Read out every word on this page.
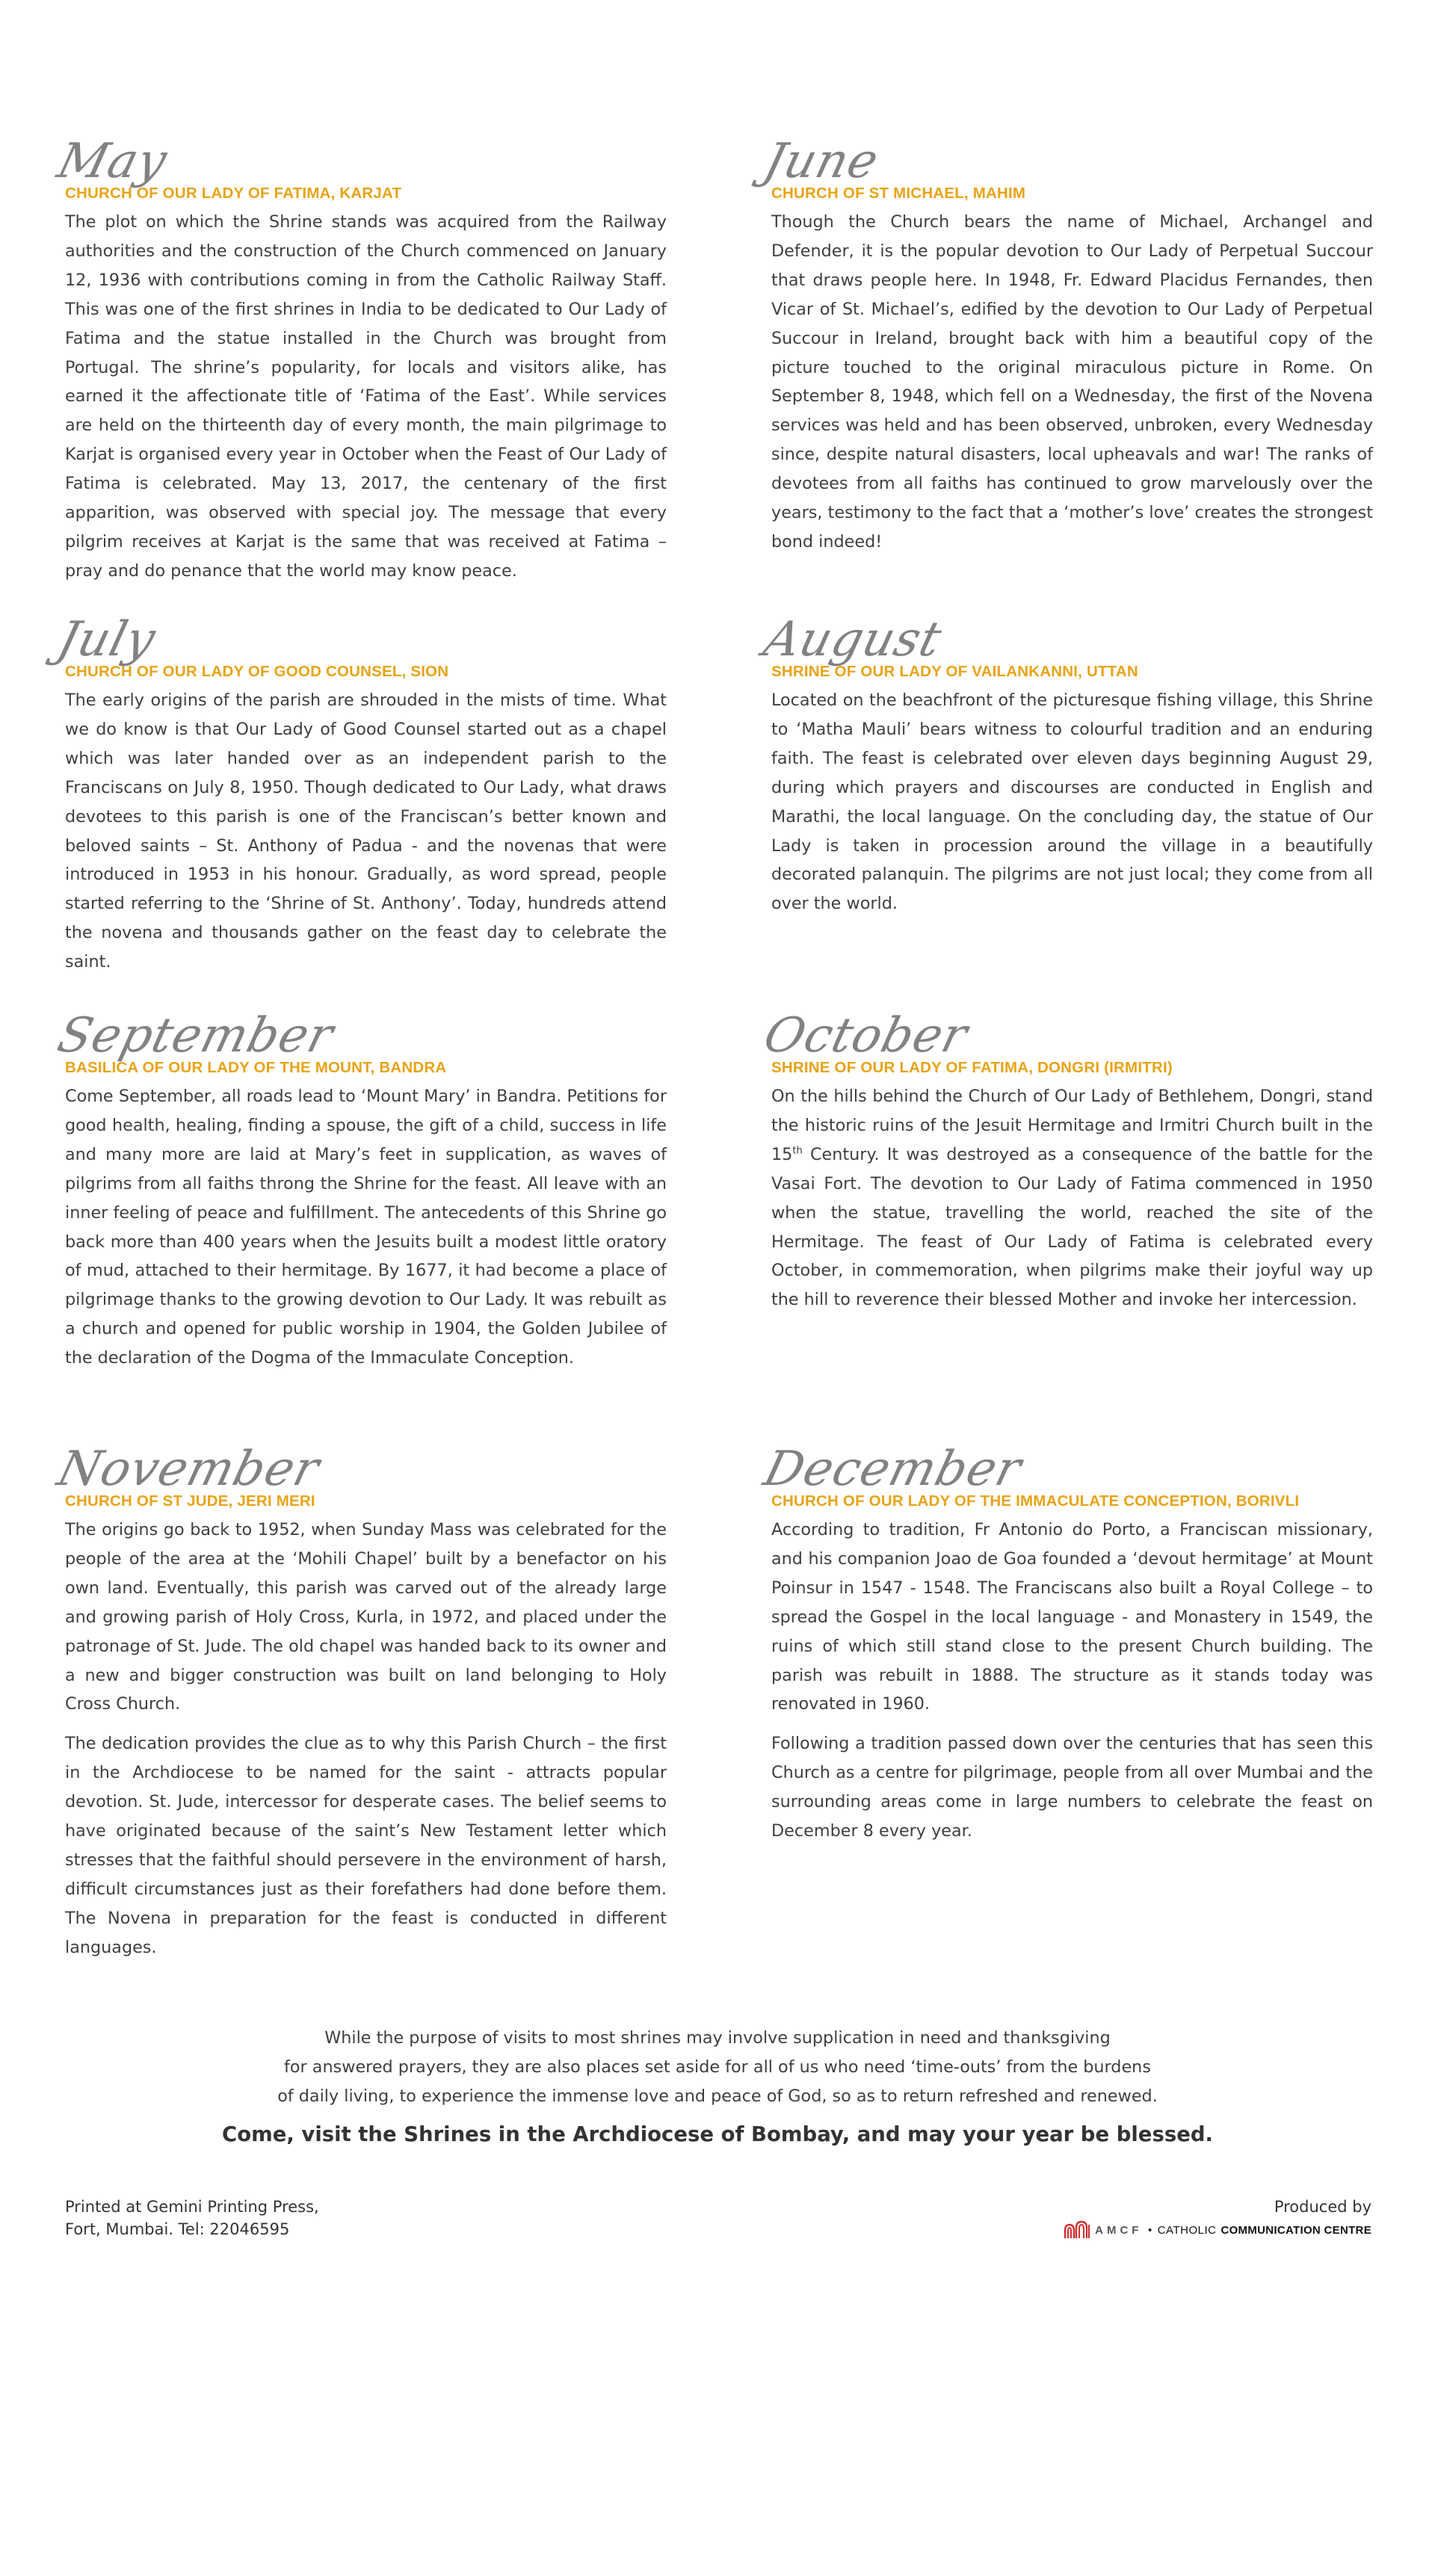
May
CHURCH OF OUR LADY OF FATIMA, KARJAT

The plot on which the Shrine stands was acquired from the Railway authorities and the construction of the Church commenced on January 12, 1936 with contributions coming in from the Catholic Railway Staff. This was one of the first shrines in India to be dedicated to Our Lady of Fatima and the statue installed in the Church was brought from Portugal. The shrine’s popularity, for locals and visitors alike, has earned it the affectionate title of ‘Fatima of the East’. While services are held on the thirteenth day of every month, the main pilgrimage to Karjat is organised every year in October when the Feast of Our Lady of Fatima is celebrated. May 13, 2017, the centenary of the first apparition, was observed with special joy. The message that every pilgrim receives at Karjat is the same that was received at Fatima – pray and do penance that the world may know peace.

June
CHURCH OF ST MICHAEL, MAHIM

Though the Church bears the name of Michael, Archangel and Defender, it is the popular devotion to Our Lady of Perpetual Succour that draws people here. In 1948, Fr. Edward Placidus Fernandes, then Vicar of St. Michael’s, edified by the devotion to Our Lady of Perpetual Succour in Ireland, brought back with him a beautiful copy of the picture touched to the original miraculous picture in Rome. On September 8, 1948, which fell on a Wednesday, the first of the Novena services was held and has been observed, unbroken, every Wednesday since, despite natural disasters, local upheavals and war! The ranks of devotees from all faiths has continued to grow marvelously over the years, testimony to the fact that a ‘mother’s love’ creates the strongest bond indeed!

July
CHURCH OF OUR LADY OF GOOD COUNSEL, SION

The early origins of the parish are shrouded in the mists of time. What we do know is that Our Lady of Good Counsel started out as a chapel which was later handed over as an independent parish to the Franciscans on July 8, 1950. Though dedicated to Our Lady, what draws devotees to this parish is one of the Franciscan’s better known and beloved saints – St. Anthony of Padua - and the novenas that were introduced in 1953 in his honour. Gradually, as word spread, people started referring to the ‘Shrine of St. Anthony’. Today, hundreds attend the novena and thousands gather on the feast day to celebrate the saint.

August
SHRINE OF OUR LADY OF VAILANKANNI, UTTAN

Located on the beachfront of the picturesque fishing village, this Shrine to ‘Matha Mauli’ bears witness to colourful tradition and an enduring faith. The feast is celebrated over eleven days beginning August 29, during which prayers and discourses are conducted in English and Marathi, the local language. On the concluding day, the statue of Our Lady is taken in procession around the village in a beautifully decorated palanquin. The pilgrims are not just local; they come from all over the world.

September
BASILICA OF OUR LADY OF THE MOUNT, BANDRA

Come September, all roads lead to ‘Mount Mary’ in Bandra. Petitions for good health, healing, finding a spouse, the gift of a child, success in life and many more are laid at Mary’s feet in supplication, as waves of pilgrims from all faiths throng the Shrine for the feast. All leave with an inner feeling of peace and fulfillment. The antecedents of this Shrine go back more than 400 years when the Jesuits built a modest little oratory of mud, attached to their hermitage. By 1677, it had become a place of pilgrimage thanks to the growing devotion to Our Lady. It was rebuilt as a church and opened for public worship in 1904, the Golden Jubilee of the declaration of the Dogma of the Immaculate Conception.

October
SHRINE OF OUR LADY OF FATIMA, DONGRI (IRMITRI)

On the hills behind the Church of Our Lady of Bethlehem, Dongri, stand the historic ruins of the Jesuit Hermitage and Irmitri Church built in the 15th Century. It was destroyed as a consequence of the battle for the Vasai Fort. The devotion to Our Lady of Fatima commenced in 1950 when the statue, travelling the world, reached the site of the Hermitage. The feast of Our Lady of Fatima is celebrated every October, in commemoration, when pilgrims make their joyful way up the hill to reverence their blessed Mother and invoke her intercession.

November
CHURCH OF ST JUDE, JERI MERI

The origins go back to 1952, when Sunday Mass was celebrated for the people of the area at the ‘Mohili Chapel’ built by a benefactor on his own land. Eventually, this parish was carved out of the already large and growing parish of Holy Cross, Kurla, in 1972, and placed under the patronage of St. Jude. The old chapel was handed back to its owner and a new and bigger construction was built on land belonging to Holy Cross Church.

The dedication provides the clue as to why this Parish Church – the first in the Archdiocese to be named for the saint - attracts popular devotion. St. Jude, intercessor for desperate cases. The belief seems to have originated because of the saint’s New Testament letter which stresses that the faithful should persevere in the environment of harsh, difficult circumstances just as their forefathers had done before them. The Novena in preparation for the feast is conducted in different languages.

December
CHURCH OF OUR LADY OF THE IMMACULATE CONCEPTION, BORIVLI

According to tradition, Fr Antonio do Porto, a Franciscan missionary, and his companion Joao de Goa founded a ‘devout hermitage’ at Mount Poinsur in 1547 - 1548. The Franciscans also built a Royal College – to spread the Gospel in the local language - and Monastery in 1549, the ruins of which still stand close to the present Church building. The parish was rebuilt in 1888. The structure as it stands today was renovated in 1960.

Following a tradition passed down over the centuries that has seen this Church as a centre for pilgrimage, people from all over Mumbai and the surrounding areas come in large numbers to celebrate the feast on December 8 every year.

While the purpose of visits to most shrines may involve supplication in need and thanksgiving
for answered prayers, they are also places set aside for all of us who need ‘time-outs’ from the burdens
of daily living, to experience the immense love and peace of God, so as to return refreshed and renewed.
Come, visit the Shrines in the Archdiocese of Bombay, and may your year be blessed.
Printed at Gemini Printing Press,
Fort, Mumbai. Tel: 22046595
Produced by
AMCF • CATHOLIC COMMUNICATION CENTRE
